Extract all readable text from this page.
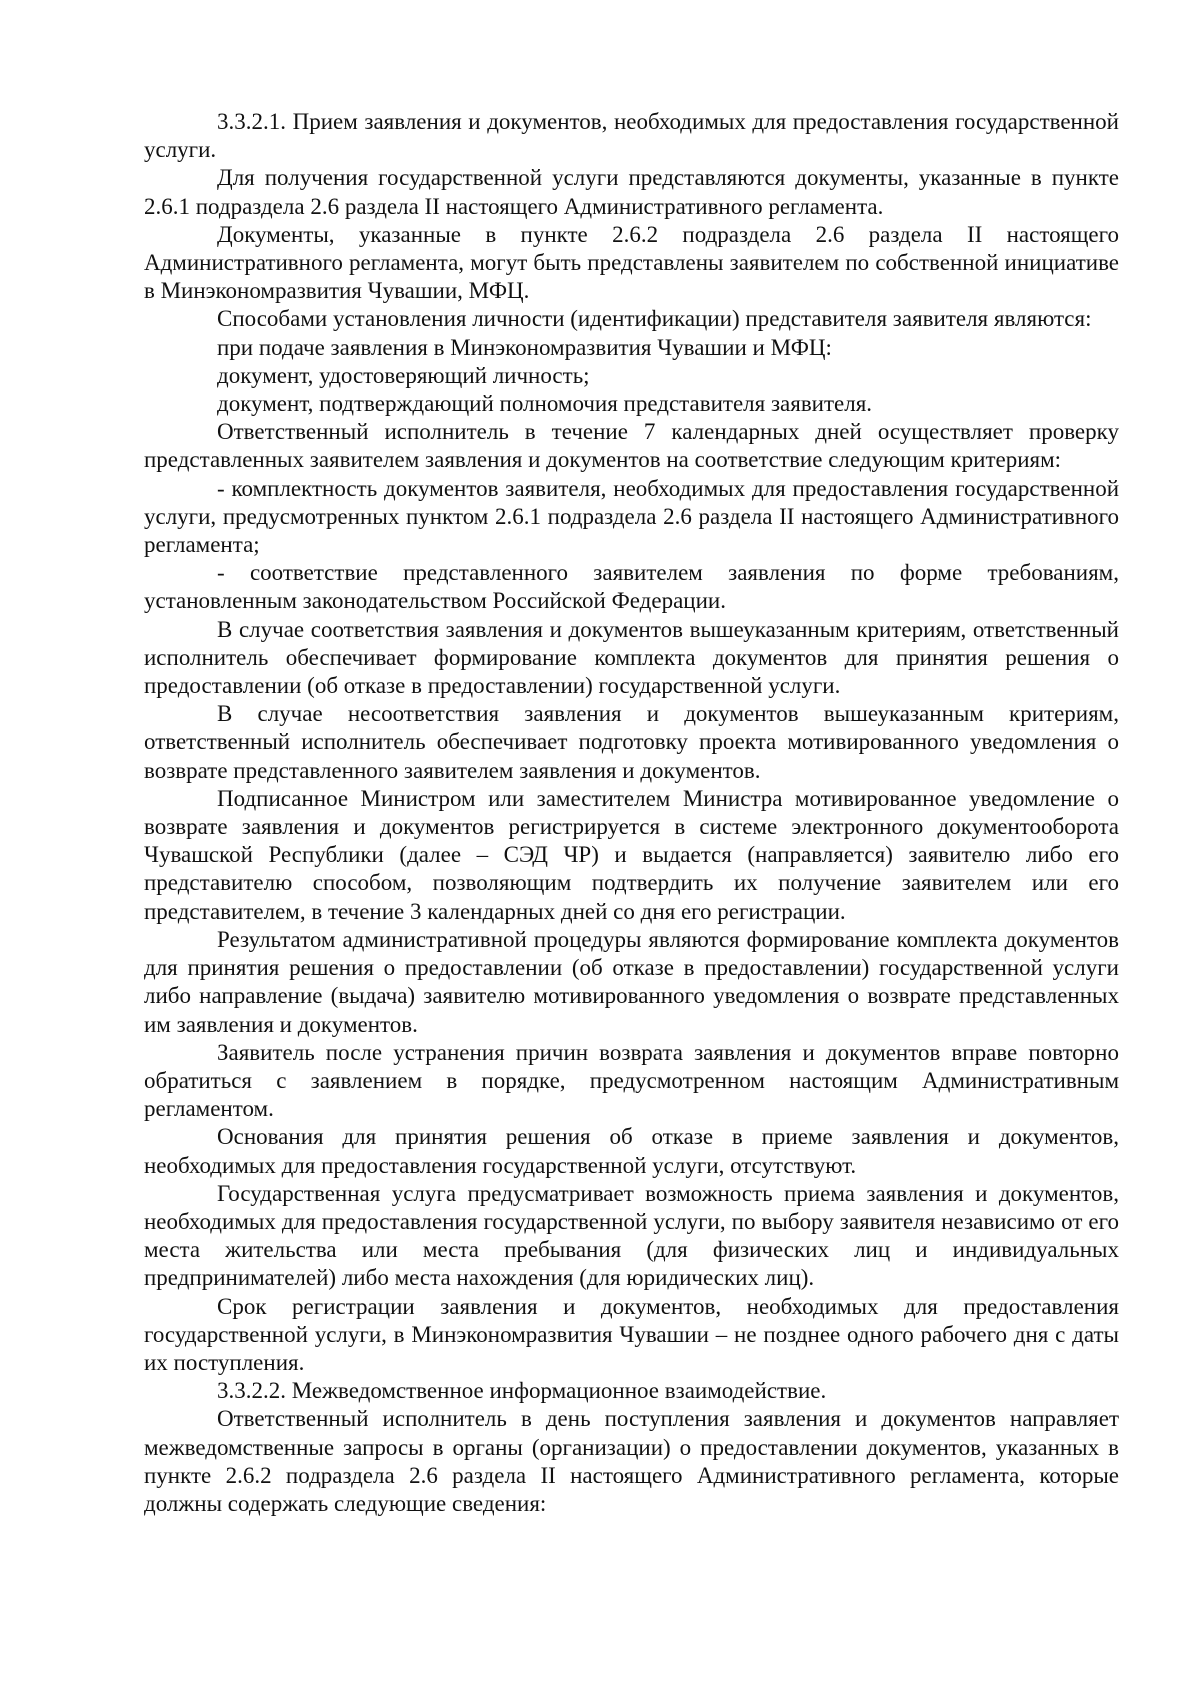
3.3.2.1. Прием заявления и документов, необходимых для предоставления государственной услуги.

Для получения государственной услуги представляются документы, указанные в пункте 2.6.1 подраздела 2.6 раздела II настоящего Административного регламента.

Документы, указанные в пункте 2.6.2 подраздела 2.6 раздела II настоящего Административного регламента, могут быть представлены заявителем по собственной инициативе в Минэкономразвития Чувашии, МФЦ.

Способами установления личности (идентификации) представителя заявителя являются:

при подаче заявления в Минэкономразвития Чувашии и МФЦ:

документ, удостоверяющий личность;

документ, подтверждающий полномочия представителя заявителя.

Ответственный исполнитель в течение 7 календарных дней осуществляет проверку представленных заявителем заявления и документов на соответствие следующим критериям:

- комплектность документов заявителя, необходимых для предоставления государственной услуги, предусмотренных пунктом 2.6.1 подраздела 2.6 раздела II настоящего Административного регламента;

- соответствие представленного заявителем заявления по форме требованиям, установленным законодательством Российской Федерации.

В случае соответствия заявления и документов вышеуказанным критериям, ответственный исполнитель обеспечивает формирование комплекта документов для принятия решения о предоставлении (об отказе в предоставлении) государственной услуги.

В случае несоответствия заявления и документов вышеуказанным критериям, ответственный исполнитель обеспечивает подготовку проекта мотивированного уведомления о возврате представленного заявителем заявления и документов.

Подписанное Министром или заместителем Министра мотивированное уведомление о возврате заявления и документов регистрируется в системе электронного документооборота Чувашской Республики (далее – СЭД ЧР) и выдается (направляется) заявителю либо его представителю способом, позволяющим подтвердить их получение заявителем или его представителем, в течение 3 календарных дней со дня его регистрации.

Результатом административной процедуры являются формирование комплекта документов для принятия решения о предоставлении (об отказе в предоставлении) государственной услуги либо направление (выдача) заявителю мотивированного уведомления о возврате представленных им заявления и документов.

Заявитель после устранения причин возврата заявления и документов вправе повторно обратиться с заявлением в порядке, предусмотренном настоящим Административным регламентом.

Основания для принятия решения об отказе в приеме заявления и документов, необходимых для предоставления государственной услуги, отсутствуют.

Государственная услуга предусматривает возможность приема заявления и документов, необходимых для предоставления государственной услуги, по выбору заявителя независимо от его места жительства или места пребывания (для физических лиц и индивидуальных предпринимателей) либо места нахождения (для юридических лиц).

Срок регистрации заявления и документов, необходимых для предоставления государственной услуги, в Минэкономразвития Чувашии – не позднее одного рабочего дня с даты их поступления.

3.3.2.2. Межведомственное информационное взаимодействие.

Ответственный исполнитель в день поступления заявления и документов направляет межведомственные запросы в органы (организации) о предоставлении документов, указанных в пункте 2.6.2 подраздела 2.6 раздела II настоящего Административного регламента, которые должны содержать следующие сведения:
